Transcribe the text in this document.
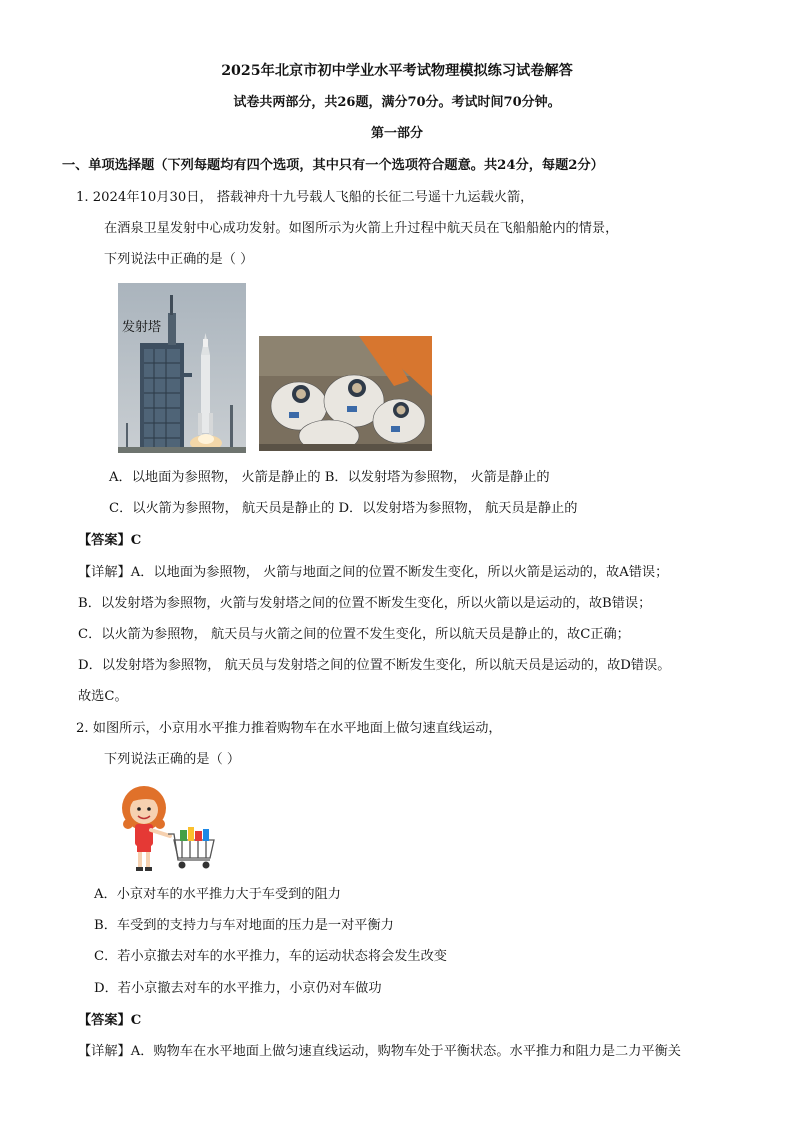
2025年北京市初中学业水平考试物理模拟练习试卷解答
试卷共两部分，共26题，满分70分。考试时间70分钟。
第一部分
一、单项选择题（下列每题均有四个选项，其中只有一个选项符合题意。共24分，每题2分）
1. 2024年10月30日， 搭载神舟十九号载人飞船的长征二号遥十九运载火箭，
在酒泉卫星发射中心成功发射。如图所示为火箭上升过程中航天员在飞船船舱内的情景，
下列说法中正确的是（ ）
发射塔
A．以地面为参照物， 火箭是静止的 B．以发射塔为参照物， 火箭是静止的
C．以火箭为参照物， 航天员是静止的 D．以发射塔为参照物， 航天员是静止的
【答案】C
【详解】A．以地面为参照物， 火箭与地面之间的位置不断发生变化，所以火箭是运动的，故A错误；
B．以发射塔为参照物，火箭与发射塔之间的位置不断发生变化，所以火箭以是运动的，故B错误；
C．以火箭为参照物， 航天员与火箭之间的位置不发生变化，所以航天员是静止的，故C正确；
D．以发射塔为参照物， 航天员与发射塔之间的位置不断发生变化，所以航天员是运动的，故D错误。
故选C。
2. 如图所示，小京用水平推力推着购物车在水平地面上做匀速直线运动，
下列说法正确的是（ ）
A．小京对车的水平推力大于车受到的阻力
B．车受到的支持力与车对地面的压力是一对平衡力
C．若小京撤去对车的水平推力，车的运动状态将会发生改变
D．若小京撤去对车的水平推力，小京仍对车做功
【答案】C
【详解】A．购物车在水平地面上做匀速直线运动，购物车处于平衡状态。水平推力和阻力是二力平衡关
